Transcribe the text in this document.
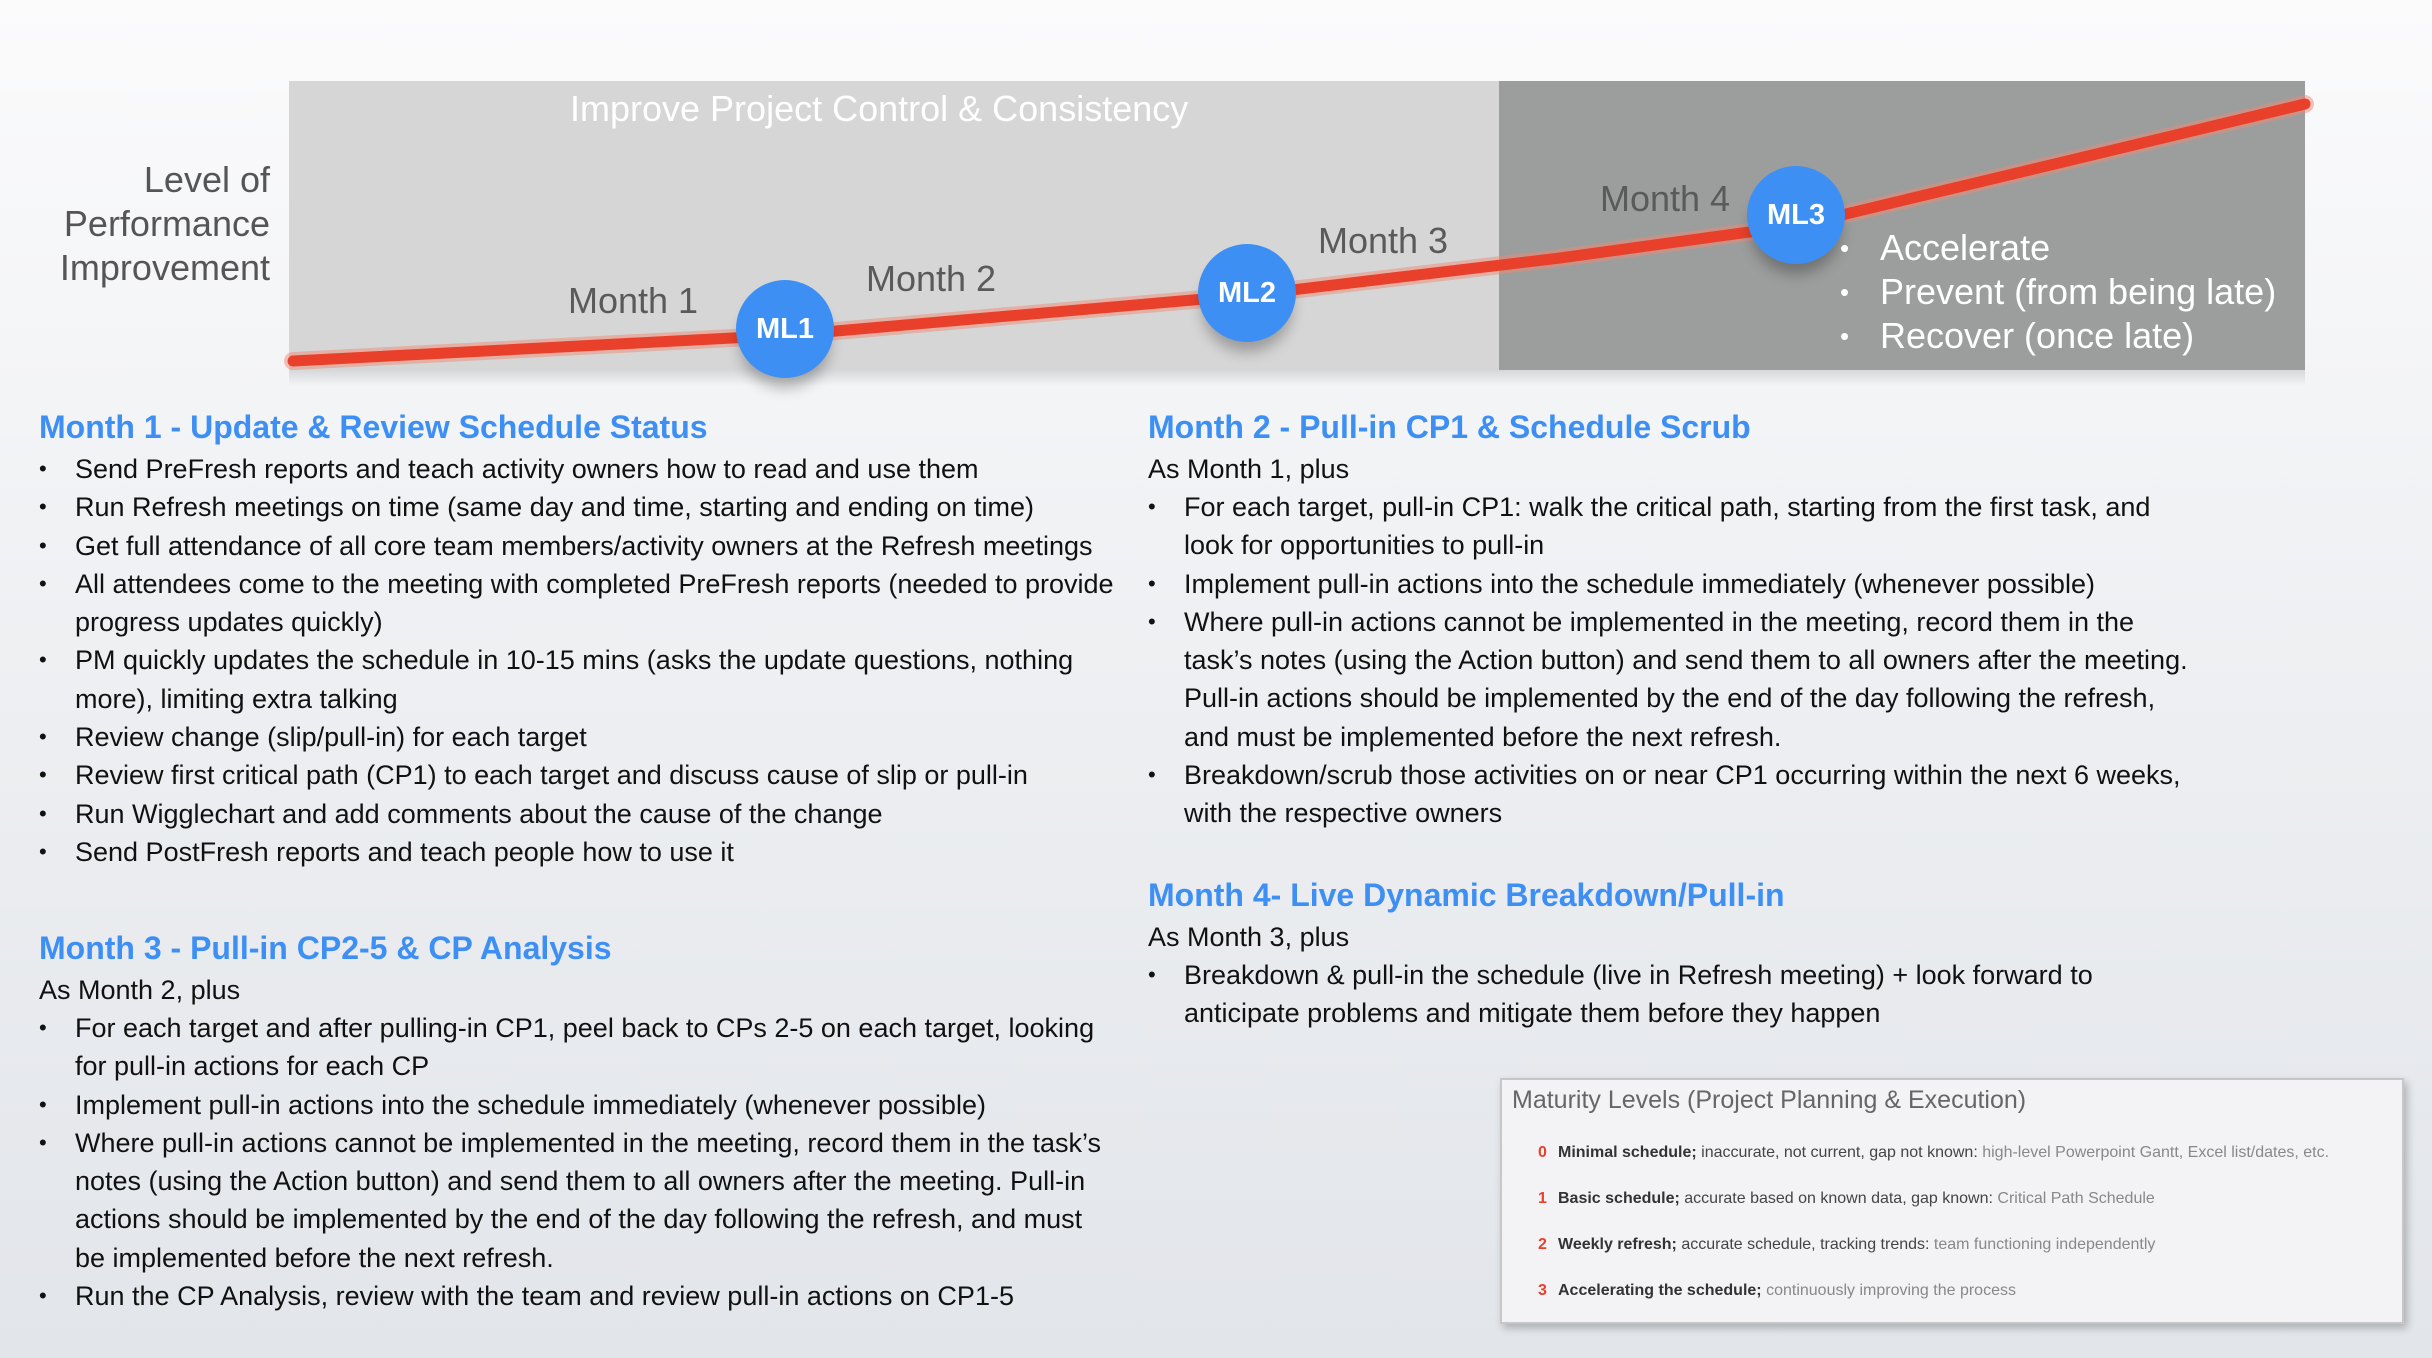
Level of
Performance
Improvement
Improve Project Control & Consistency
Month 1
Month 2
Month 3
Month 4
ML1
ML2
ML3
• Accelerate
• Prevent (from being late)
• Recover (once late)
Month 1 - Update & Review Schedule Status
• Send PreFresh reports and teach activity owners how to read and use them
• Run Refresh meetings on time (same day and time, starting and ending on time)
• Get full attendance of all core team members/activity owners at the Refresh meetings
• All attendees come to the meeting with completed PreFresh reports (needed to provide progress updates quickly)
• PM quickly updates the schedule in 10-15 mins (asks the update questions, nothing more), limiting extra talking
• Review change (slip/pull-in) for each target
• Review first critical path (CP1) to each target and discuss cause of slip or pull-in
• Run Wigglechart and add comments about the cause of the change
• Send PostFresh reports and teach people how to use it
Month 3 - Pull-in CP2-5 & CP Analysis
As Month 2, plus
• For each target and after pulling-in CP1, peel back to CPs 2-5 on each target, looking for pull-in actions for each CP
• Implement pull-in actions into the schedule immediately (whenever possible)
• Where pull-in actions cannot be implemented in the meeting, record them in the task’s notes (using the Action button) and send them to all owners after the meeting. Pull-in actions should be implemented by the end of the day following the refresh, and must be implemented before the next refresh.
• Run the CP Analysis, review with the team and review pull-in actions on CP1-5
Month 2 - Pull-in CP1 & Schedule Scrub
As Month 1, plus
• For each target, pull-in CP1: walk the critical path, starting from the first task, and look for opportunities to pull-in
• Implement pull-in actions into the schedule immediately (whenever possible)
• Where pull-in actions cannot be implemented in the meeting, record them in the task’s notes (using the Action button) and send them to all owners after the meeting. Pull-in actions should be implemented by the end of the day following the refresh, and must be implemented before the next refresh.
• Breakdown/scrub those activities on or near CP1 occurring within the next 6 weeks, with the respective owners
Month 4- Live Dynamic Breakdown/Pull-in
As Month 3, plus
• Breakdown & pull-in the schedule (live in Refresh meeting) + look forward to anticipate problems and mitigate them before they happen
Maturity Levels (Project Planning & Execution)
0 Minimal schedule; inaccurate, not current, gap not known: high-level Powerpoint Gantt, Excel list/dates, etc.
1 Basic schedule; accurate based on known data, gap known: Critical Path Schedule
2 Weekly refresh; accurate schedule, tracking trends: team functioning independently
3 Accelerating the schedule; continuously improving the process
